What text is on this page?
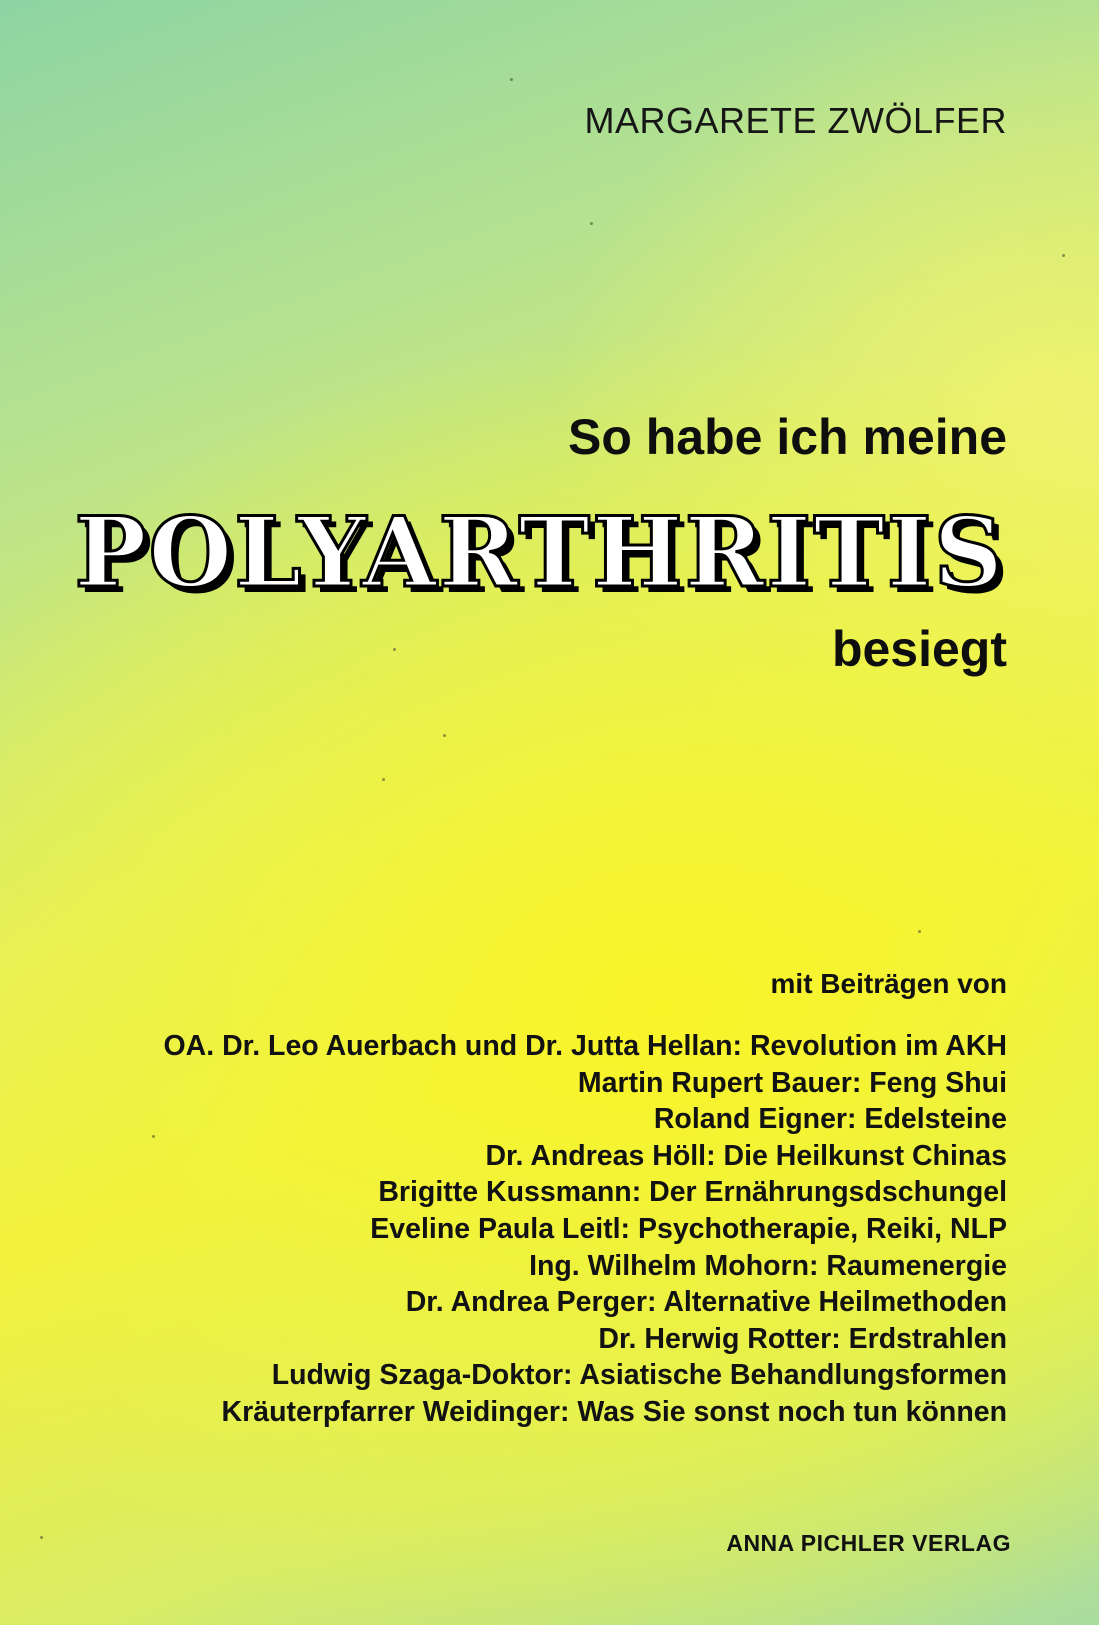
MARGARETE ZWÖLFER
So habe ich meine
POLYARTHRITIS
besiegt
mit Beiträgen von
OA. Dr. Leo Auerbach und Dr. Jutta Hellan: Revolution im AKH
Martin Rupert Bauer: Feng Shui
Roland Eigner: Edelsteine
Dr. Andreas Höll: Die Heilkunst Chinas
Brigitte Kussmann: Der Ernährungsdschungel
Eveline Paula Leitl: Psychotherapie, Reiki, NLP
Ing. Wilhelm Mohorn: Raumenergie
Dr. Andrea Perger: Alternative Heilmethoden
Dr. Herwig Rotter: Erdstrahlen
Ludwig Szaga-Doktor: Asiatische Behandlungsformen
Kräuterpfarrer Weidinger: Was Sie sonst noch tun können
ANNA PICHLER VERLAG
